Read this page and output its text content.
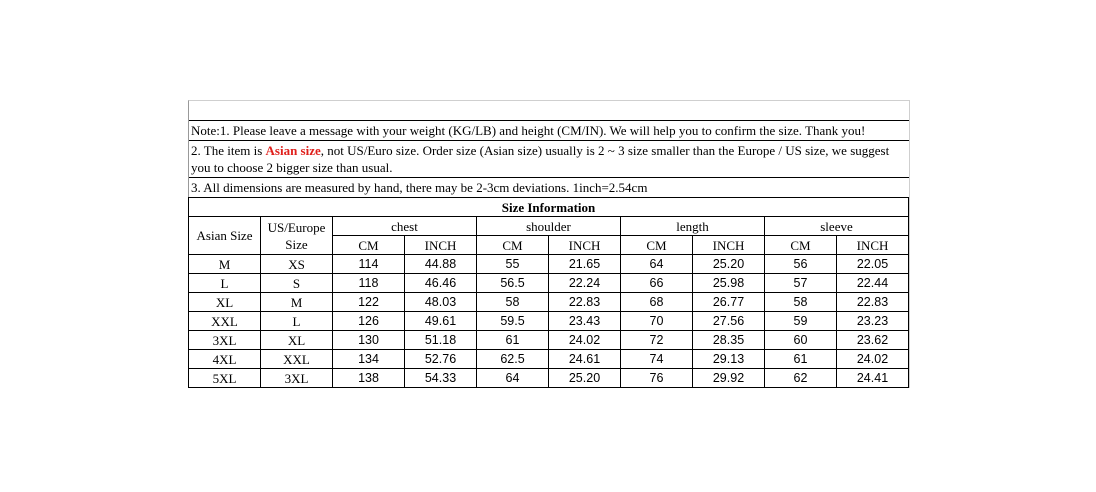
Note:1. Please leave a message with your weight (KG/LB) and height (CM/IN). We will help you to confirm the size. Thank you!
2. The item is Asian size, not US/Euro size. Order size (Asian size) usually is 2 ~ 3 size smaller than the Europe / US size, we suggest you to choose 2 bigger size than usual.
3. All dimensions are measured by hand, there may be 2-3cm deviations. 1inch=2.54cm
Size Information									
Asian Size	US/Europe Size	chest		shoulder		length		sleeve	
		CM	INCH	CM	INCH	CM	INCH	CM	INCH
M	XS	114	44.88	55	21.65	64	25.20	56	22.05
L	S	118	46.46	56.5	22.24	66	25.98	57	22.44
XL	M	122	48.03	58	22.83	68	26.77	58	22.83
XXL	L	126	49.61	59.5	23.43	70	27.56	59	23.23
3XL	XL	130	51.18	61	24.02	72	28.35	60	23.62
4XL	XXL	134	52.76	62.5	24.61	74	29.13	61	24.02
5XL	3XL	138	54.33	64	25.20	76	29.92	62	24.41
